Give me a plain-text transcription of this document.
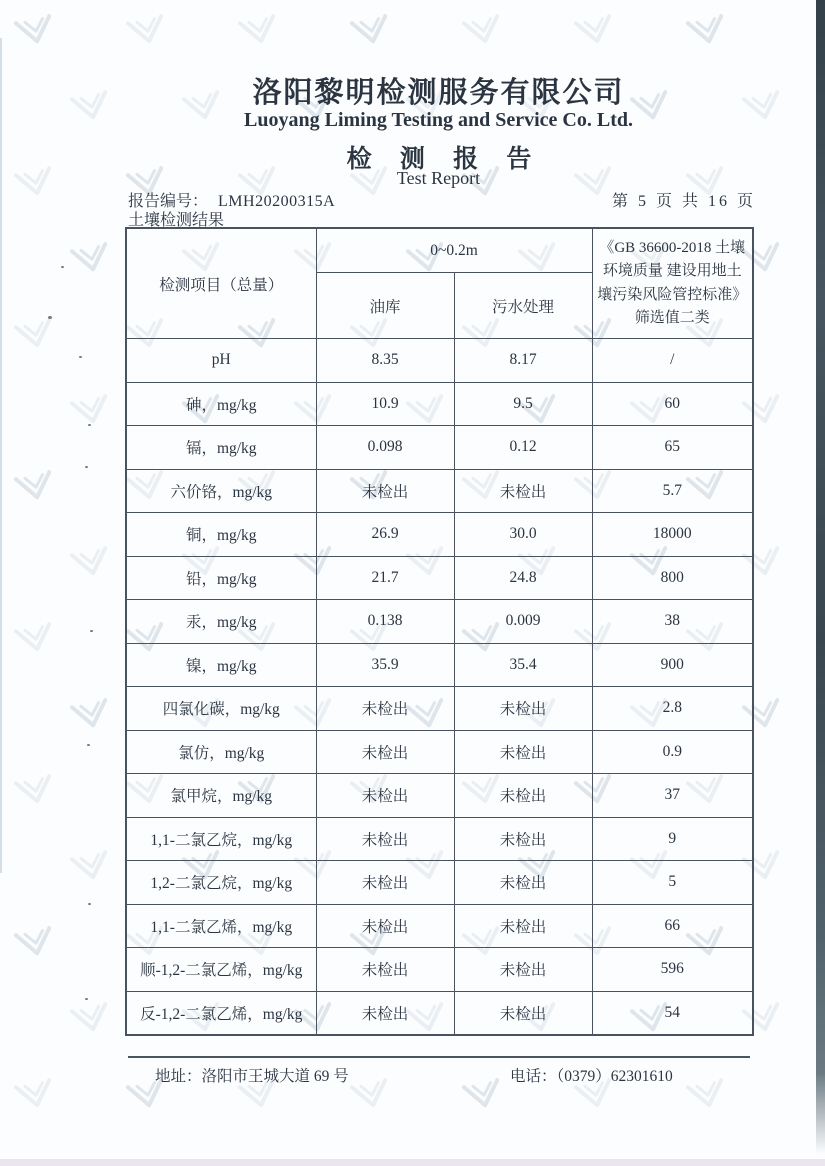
洛阳黎明检测服务有限公司
Luoyang Liming Testing and Service Co. Ltd.
检 测 报 告
Test Report
报告编号： LMH20200315A	第 5 页 共 16 页
土壤检测结果
检测项目（总量）	0~0.2m		《GB 36600-2018 土壤环境质量 建设用地土壤污染风险管控标准》筛选值二类
	油库	污水处理	
pH	8.35	8.17	/
砷，mg/kg	10.9	9.5	60
镉，mg/kg	0.098	0.12	65
六价铬，mg/kg	未检出	未检出	5.7
铜，mg/kg	26.9	30.0	18000
铅，mg/kg	21.7	24.8	800
汞，mg/kg	0.138	0.009	38
镍，mg/kg	35.9	35.4	900
四氯化碳，mg/kg	未检出	未检出	2.8
氯仿，mg/kg	未检出	未检出	0.9
氯甲烷，mg/kg	未检出	未检出	37
1,1-二氯乙烷，mg/kg	未检出	未检出	9
1,2-二氯乙烷，mg/kg	未检出	未检出	5
1,1-二氯乙烯，mg/kg	未检出	未检出	66
顺-1,2-二氯乙烯，mg/kg	未检出	未检出	596
反-1,2-二氯乙烯，mg/kg	未检出	未检出	54
地址：洛阳市王城大道 69 号	电话：（0379）62301610
